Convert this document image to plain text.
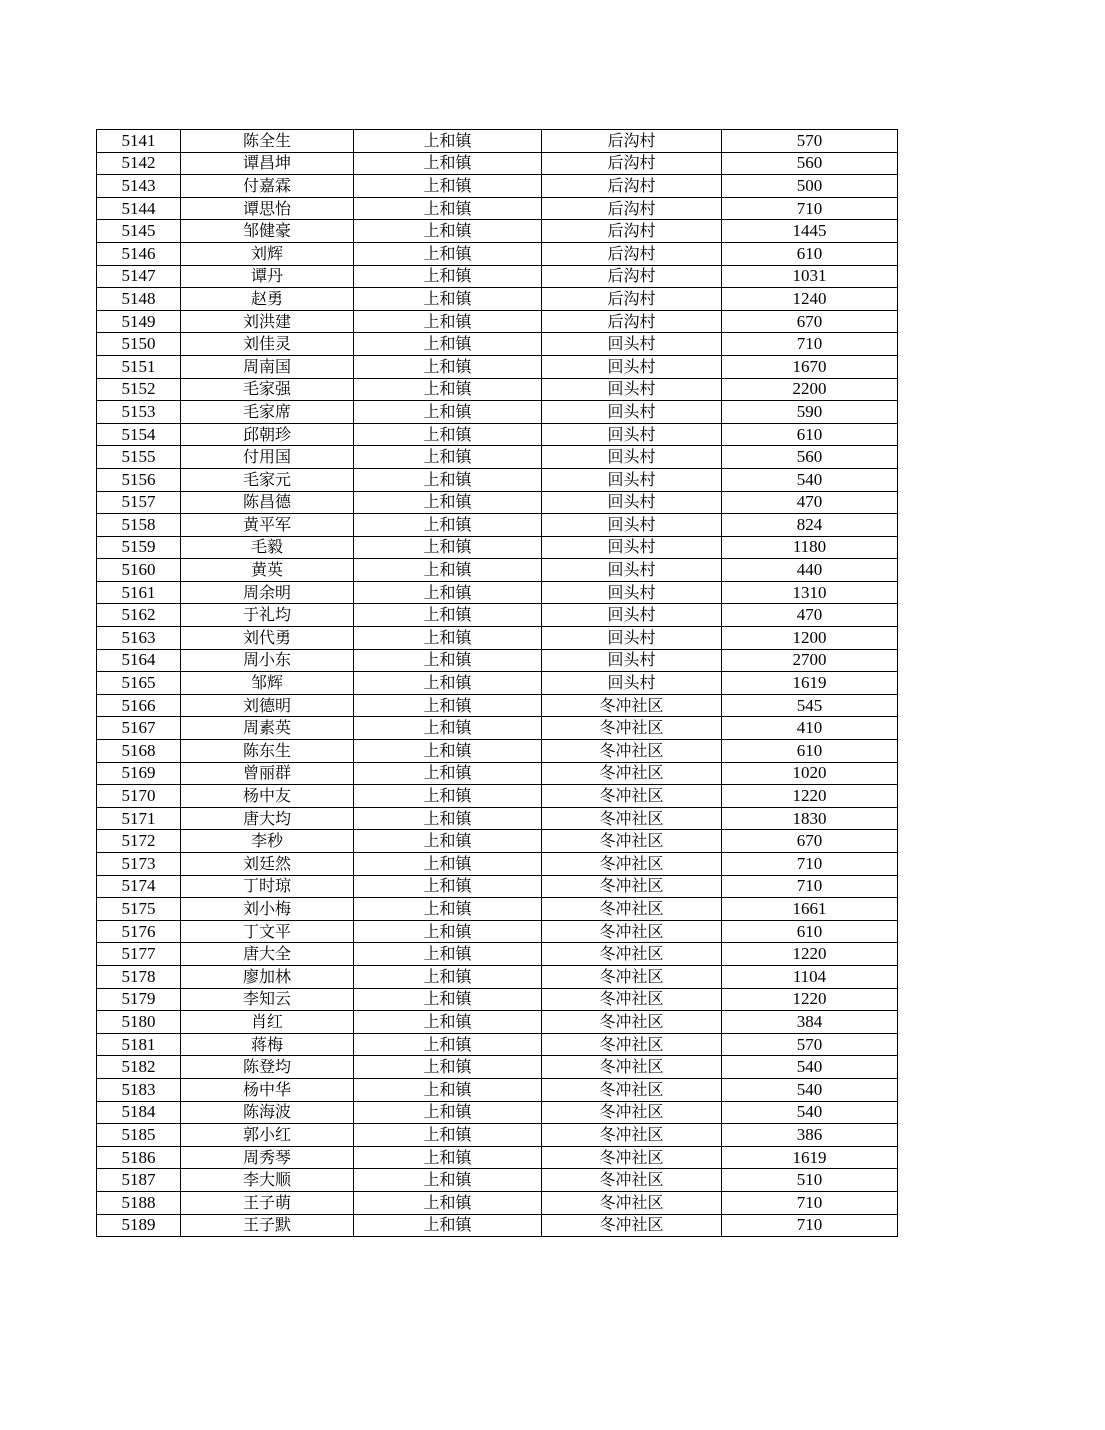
5141	陈全生	上和镇	后沟村	570
5142	谭昌坤	上和镇	后沟村	560
5143	付嘉霖	上和镇	后沟村	500
5144	谭思怡	上和镇	后沟村	710
5145	邹健豪	上和镇	后沟村	1445
5146	刘辉	上和镇	后沟村	610
5147	谭丹	上和镇	后沟村	1031
5148	赵勇	上和镇	后沟村	1240
5149	刘洪建	上和镇	后沟村	670
5150	刘佳灵	上和镇	回头村	710
5151	周南国	上和镇	回头村	1670
5152	毛家强	上和镇	回头村	2200
5153	毛家席	上和镇	回头村	590
5154	邱朝珍	上和镇	回头村	610
5155	付用国	上和镇	回头村	560
5156	毛家元	上和镇	回头村	540
5157	陈昌德	上和镇	回头村	470
5158	黄平军	上和镇	回头村	824
5159	毛毅	上和镇	回头村	1180
5160	黄英	上和镇	回头村	440
5161	周余明	上和镇	回头村	1310
5162	于礼均	上和镇	回头村	470
5163	刘代勇	上和镇	回头村	1200
5164	周小东	上和镇	回头村	2700
5165	邹辉	上和镇	回头村	1619
5166	刘德明	上和镇	冬冲社区	545
5167	周素英	上和镇	冬冲社区	410
5168	陈东生	上和镇	冬冲社区	610
5169	曾丽群	上和镇	冬冲社区	1020
5170	杨中友	上和镇	冬冲社区	1220
5171	唐大均	上和镇	冬冲社区	1830
5172	李秒	上和镇	冬冲社区	670
5173	刘廷然	上和镇	冬冲社区	710
5174	丁时琼	上和镇	冬冲社区	710
5175	刘小梅	上和镇	冬冲社区	1661
5176	丁文平	上和镇	冬冲社区	610
5177	唐大全	上和镇	冬冲社区	1220
5178	廖加林	上和镇	冬冲社区	1104
5179	李知云	上和镇	冬冲社区	1220
5180	肖红	上和镇	冬冲社区	384
5181	蒋梅	上和镇	冬冲社区	570
5182	陈登均	上和镇	冬冲社区	540
5183	杨中华	上和镇	冬冲社区	540
5184	陈海波	上和镇	冬冲社区	540
5185	郭小红	上和镇	冬冲社区	386
5186	周秀琴	上和镇	冬冲社区	1619
5187	李大顺	上和镇	冬冲社区	510
5188	王子萌	上和镇	冬冲社区	710
5189	王子默	上和镇	冬冲社区	710
